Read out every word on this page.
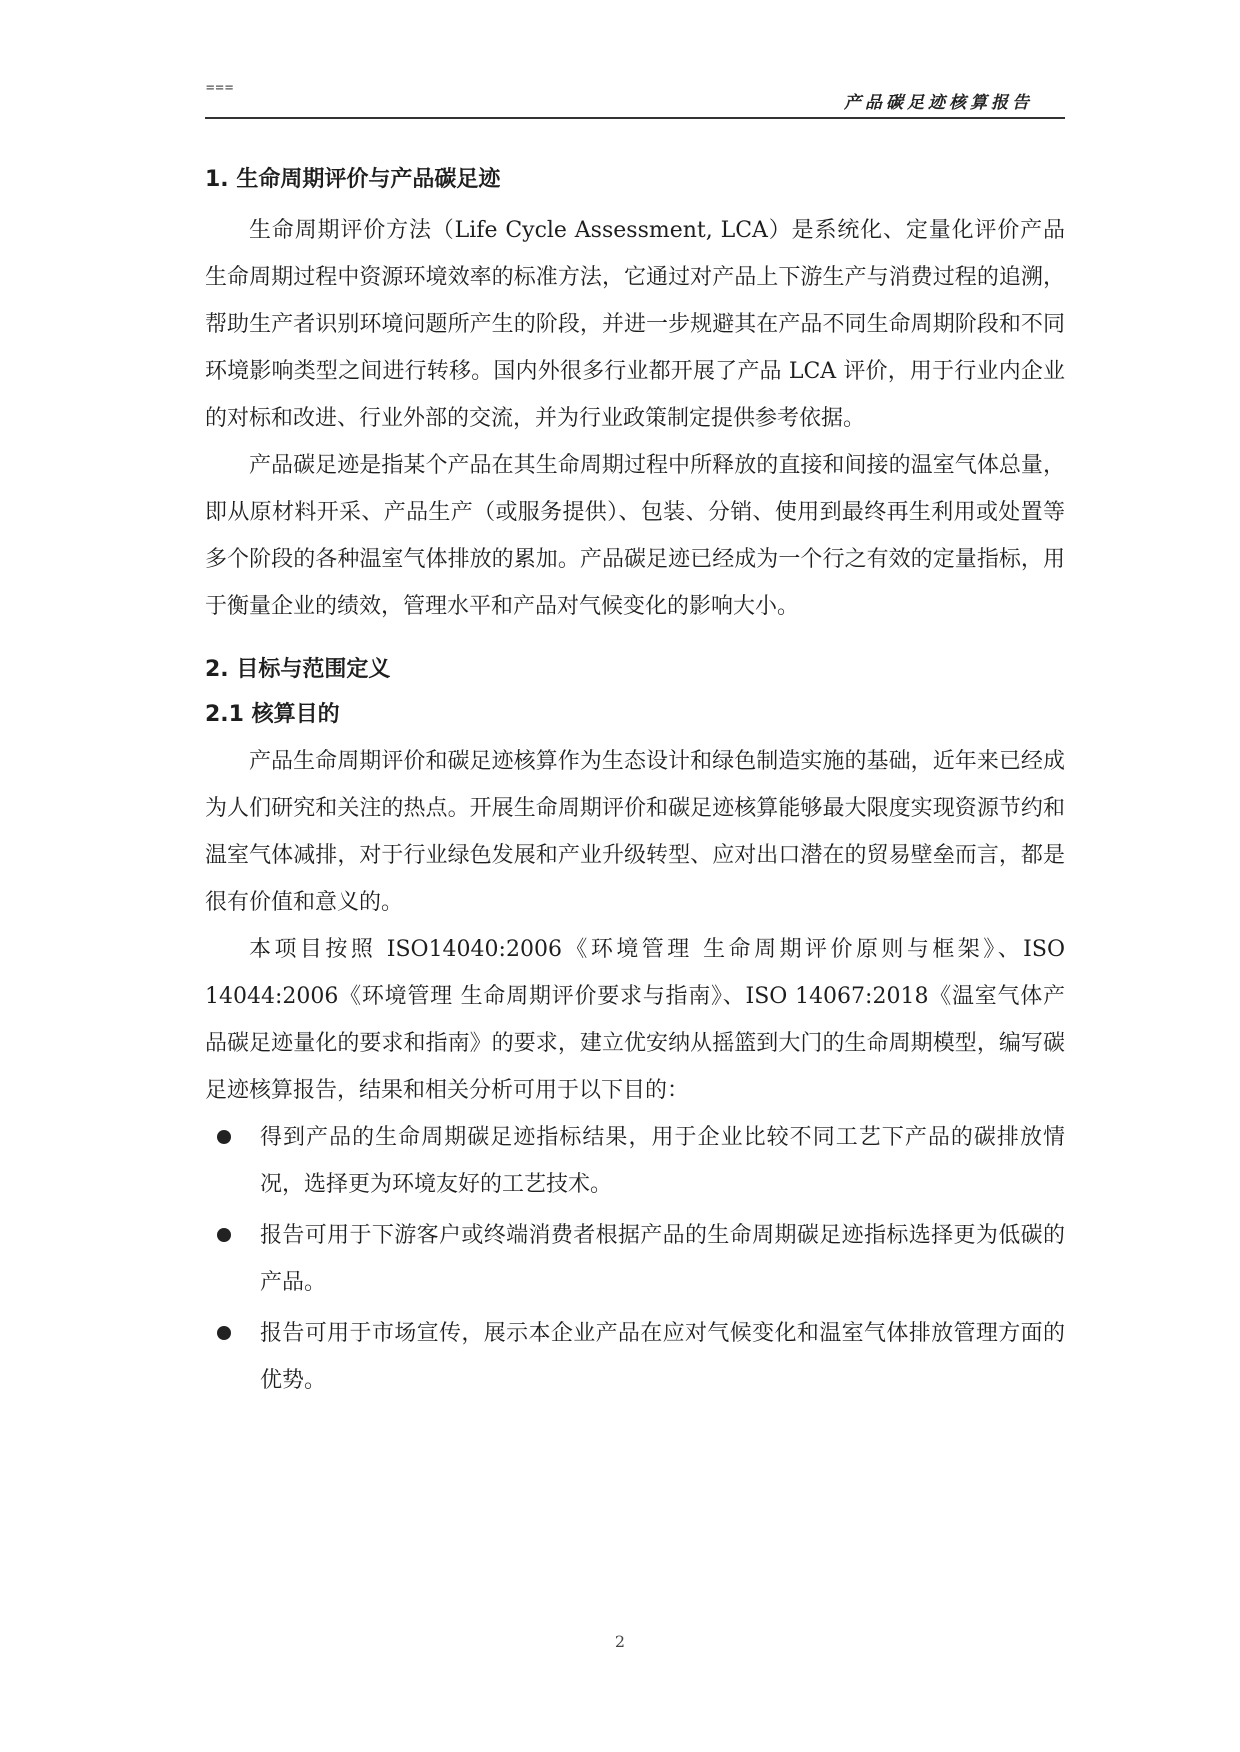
===
产品碳足迹核算报告
1. 生命周期评价与产品碳足迹

生命周期评价方法（Life Cycle Assessment, LCA）是系统化、定量化评价产品生命周期过程中资源环境效率的标准方法，它通过对产品上下游生产与消费过程的追溯，帮助生产者识别环境问题所产生的阶段，并进一步规避其在产品不同生命周期阶段和不同环境影响类型之间进行转移。国内外很多行业都开展了产品 LCA 评价，用于行业内企业的对标和改进、行业外部的交流，并为行业政策制定提供参考依据。

产品碳足迹是指某个产品在其生命周期过程中所释放的直接和间接的温室气体总量，即从原材料开采、产品生产（或服务提供）、包装、分销、使用到最终再生利用或处置等多个阶段的各种温室气体排放的累加。产品碳足迹已经成为一个行之有效的定量指标，用于衡量企业的绩效，管理水平和产品对气候变化的影响大小。

2. 目标与范围定义
2.1 核算目的

产品生命周期评价和碳足迹核算作为生态设计和绿色制造实施的基础，近年来已经成为人们研究和关注的热点。开展生命周期评价和碳足迹核算能够最大限度实现资源节约和温室气体减排，对于行业绿色发展和产业升级转型、应对出口潜在的贸易壁垒而言，都是很有价值和意义的。

本项目按照 ISO14040:2006《环境管理 生命周期评价原则与框架》、ISO 14044:2006《环境管理 生命周期评价要求与指南》、ISO 14067:2018《温室气体产品碳足迹量化的要求和指南》的要求，建立优安纳从摇篮到大门的生命周期模型，编写碳足迹核算报告，结果和相关分析可用于以下目的：

得到产品的生命周期碳足迹指标结果，用于企业比较不同工艺下产品的碳排放情况，选择更为环境友好的工艺技术。
报告可用于下游客户或终端消费者根据产品的生命周期碳足迹指标选择更为低碳的产品。
报告可用于市场宣传，展示本企业产品在应对气候变化和温室气体排放管理方面的优势。
2
